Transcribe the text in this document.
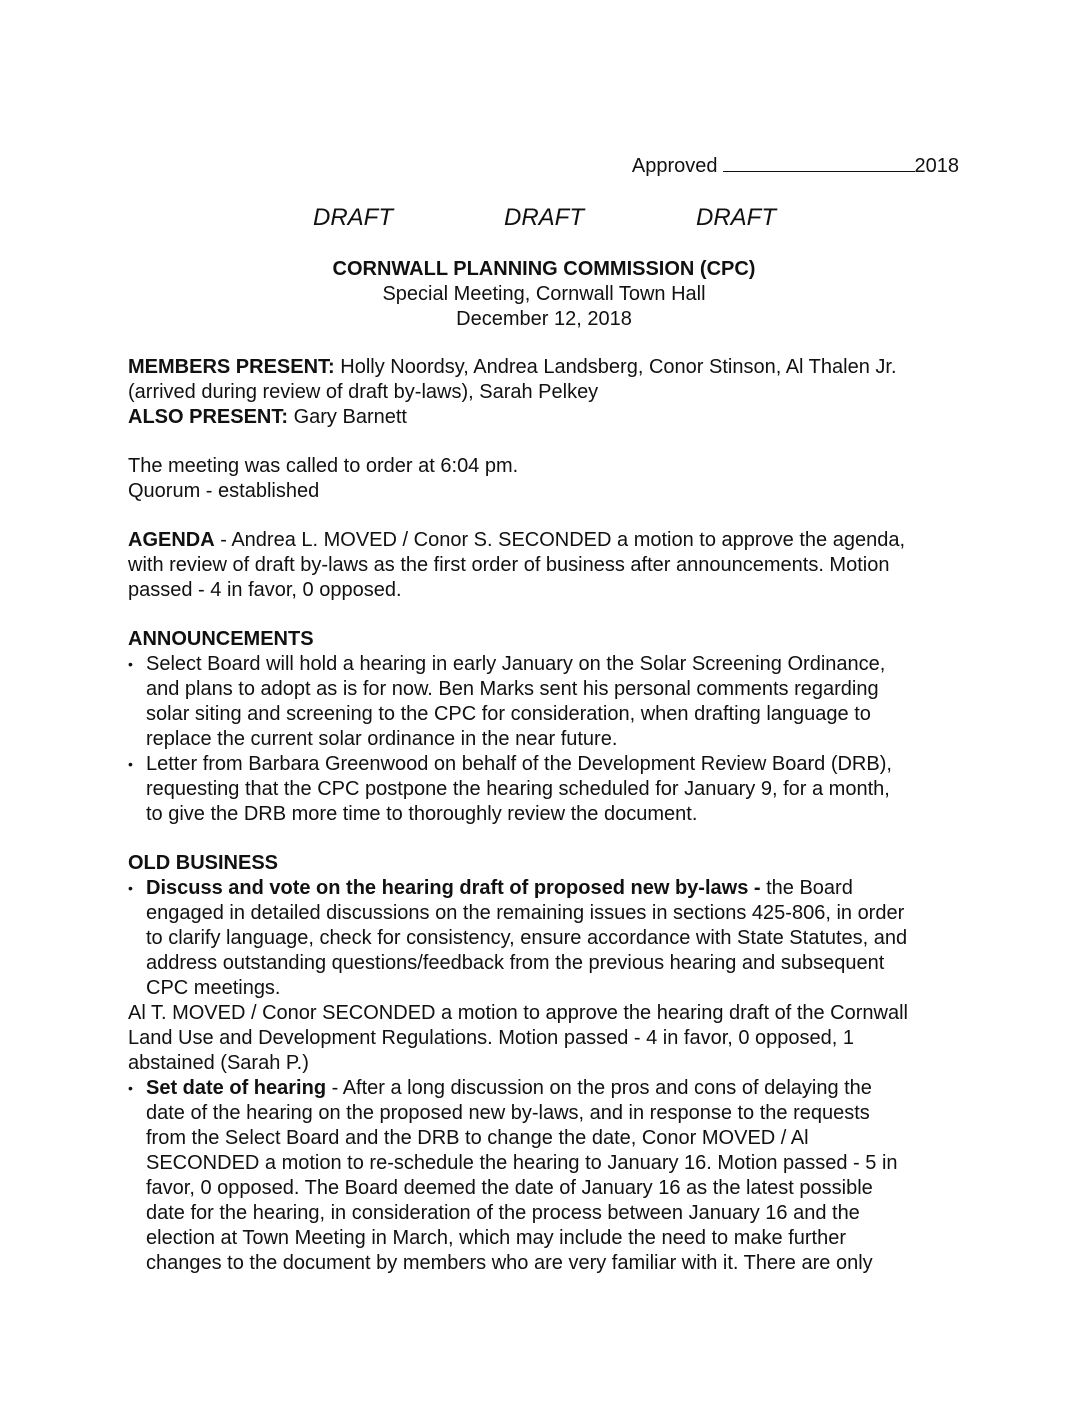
Approved	2018
DRAFT	DRAFT	DRAFT
CORNWALL PLANNING COMMISSION (CPC)
Special Meeting, Cornwall Town Hall
December 12, 2018
MEMBERS PRESENT: Holly Noordsy, Andrea Landsberg, Conor Stinson, Al Thalen Jr.
(arrived during review of draft by-laws), Sarah Pelkey
ALSO PRESENT: Gary Barnett
The meeting was called to order at 6:04 pm.
Quorum - established
AGENDA - Andrea L. MOVED / Conor S. SECONDED a motion to approve the agenda,
with review of draft by-laws as the first order of business after announcements. Motion
passed - 4 in favor, 0 opposed.
ANNOUNCEMENTS
• Select Board will hold a hearing in early January on the Solar Screening Ordinance,
and plans to adopt as is for now. Ben Marks sent his personal comments regarding
solar siting and screening to the CPC for consideration, when drafting language to
replace the current solar ordinance in the near future.
• Letter from Barbara Greenwood on behalf of the Development Review Board (DRB),
requesting that the CPC postpone the hearing scheduled for January 9, for a month,
to give the DRB more time to thoroughly review the document.
OLD BUSINESS
• Discuss and vote on the hearing draft of proposed new by-laws - the Board
engaged in detailed discussions on the remaining issues in sections 425-806, in order
to clarify language, check for consistency, ensure accordance with State Statutes, and
address outstanding questions/feedback from the previous hearing and subsequent
CPC meetings.
Al T. MOVED / Conor SECONDED a motion to approve the hearing draft of the Cornwall
Land Use and Development Regulations. Motion passed - 4 in favor, 0 opposed, 1
abstained (Sarah P.)
• Set date of hearing - After a long discussion on the pros and cons of delaying the
date of the hearing on the proposed new by-laws, and in response to the requests
from the Select Board and the DRB to change the date, Conor MOVED / Al
SECONDED a motion to re-schedule the hearing to January 16. Motion passed - 5 in
favor, 0 opposed. The Board deemed the date of January 16 as the latest possible
date for the hearing, in consideration of the process between January 16 and the
election at Town Meeting in March, which may include the need to make further
changes to the document by members who are very familiar with it. There are only
